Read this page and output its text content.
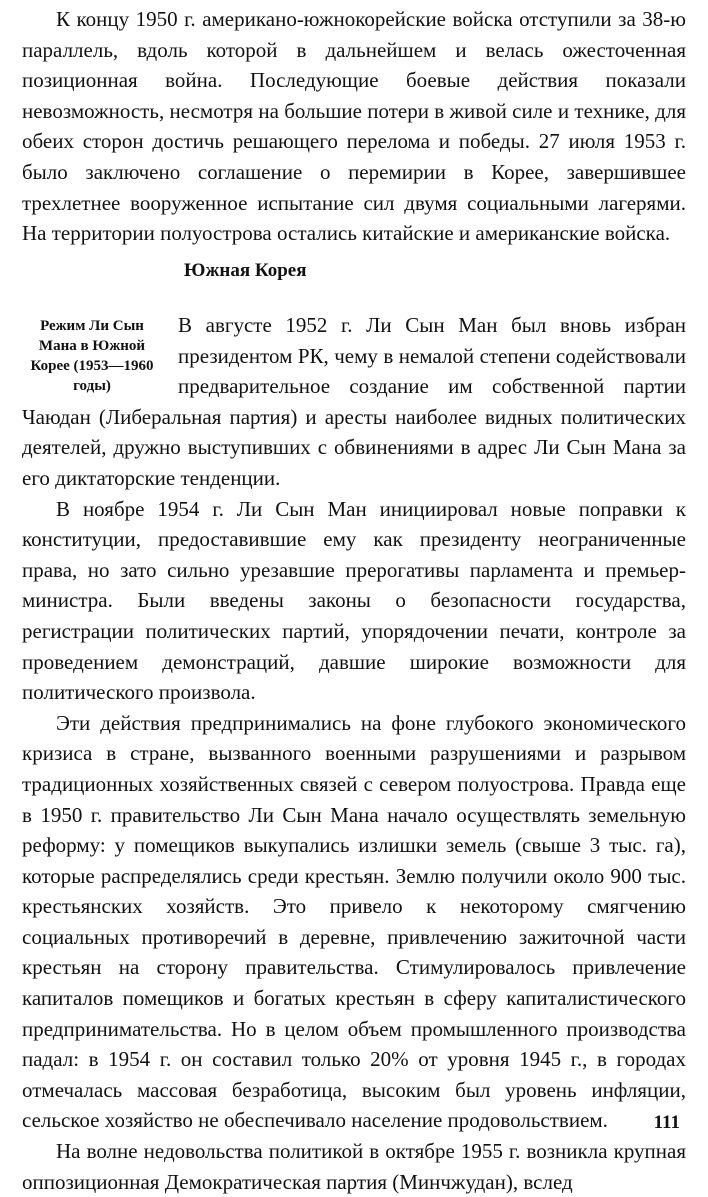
К концу 1950 г. американо-южнокорейские войска отступили за 38-ю параллель, вдоль которой в дальнейшем и велась ожесточенная позиционная война. Последующие боевые действия показали невозможность, несмотря на большие потери в живой силе и технике, для обеих сторон достичь решающего перелома и победы. 27 июля 1953 г. было заключено соглашение о перемирии в Корее, завершившее трехлетнее вооруженное испытание сил двумя социальными лагерями. На территории полуострова остались китайские и американские войска.

Южная Корея
Режим Ли Сын Мана в Южной Корее (1953—1960 годы)

В августе 1952 г. Ли Сын Ман был вновь избран президентом РК, чему в немалой степени содействовали предварительное создание им собственной партии Чаюдан (Либеральная партия) и аресты наиболее видных политических деятелей, дружно выступивших с обвинениями в адрес Ли Сын Мана за его диктаторские тенденции.

В ноябре 1954 г. Ли Сын Ман инициировал новые поправки к конституции, предоставившие ему как президенту неограниченные права, но зато сильно урезавшие прерогативы парламента и премьер-министра. Были введены законы о безопасности государства, регистрации политических партий, упорядочении печати, контроле за проведением демонстраций, давшие широкие возможности для политического произвола.

Эти действия предпринимались на фоне глубокого экономического кризиса в стране, вызванного военными разрушениями и разрывом традиционных хозяйственных связей с севером полуострова. Правда еще в 1950 г. правительство Ли Сын Мана начало осуществлять земельную реформу: у помещиков выкупались излишки земель (свыше 3 тыс. га), которые распределялись среди крестьян. Землю получили около 900 тыс. крестьянских хозяйств. Это привело к некоторому смягчению социальных противоречий в деревне, привлечению зажиточной части крестьян на сторону правительства. Стимулировалось привлечение капиталов помещиков и богатых крестьян в сферу капиталистического предпринимательства. Но в целом объем промышленного производства падал: в 1954 г. он составил только 20% от уровня 1945 г., в городах отмечалась массовая безработица, высоким был уровень инфляции, сельское хозяйство не обеспечивало население продовольствием.

На волне недовольства политикой в октябре 1955 г. возникла крупная оппозиционная Демократическая партия (Минчжудан), вслед

111
